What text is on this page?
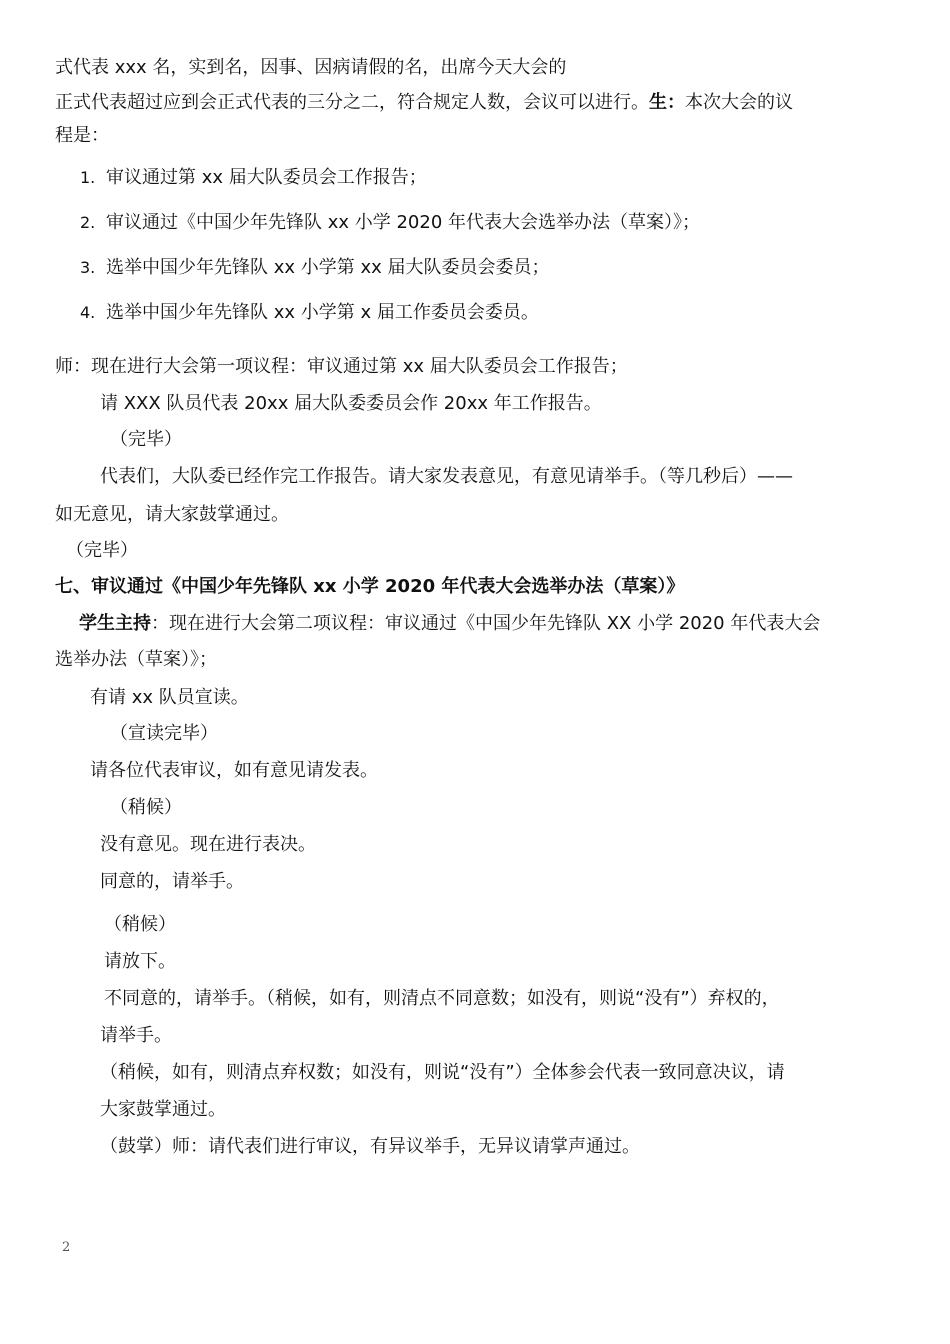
式代表 xxx 名，实到名，因事、因病请假的名，出席今天大会的
正式代表超过应到会正式代表的三分之二，符合规定人数，会议可以进行。生：本次大会的议
程是：
1. 审议通过第 xx 届大队委员会工作报告；
2. 审议通过《中国少年先锋队 xx 小学 2020 年代表大会选举办法（草案）》；
3. 选举中国少年先锋队 xx 小学第 xx 届大队委员会委员；
4. 选举中国少年先锋队 xx 小学第 x 届工作委员会委员。
师：现在进行大会第一项议程：审议通过第 xx 届大队委员会工作报告；
请 XXX 队员代表 20xx 届大队委委员会作 20xx 年工作报告。
（完毕）
代表们，大队委已经作完工作报告。请大家发表意见，有意见请举手。（等几秒后）——
如无意见，请大家鼓掌通过。
（完毕）
七、审议通过《中国少年先锋队 xx 小学 2020 年代表大会选举办法（草案）》
学生主持：现在进行大会第二项议程：审议通过《中国少年先锋队 XX 小学 2020 年代表大会
选举办法（草案）》；
有请 xx 队员宣读。
（宣读完毕）
请各位代表审议，如有意见请发表。
（稍候）
没有意见。现在进行表决。
同意的，请举手。
（稍候）
请放下。
不同意的，请举手。（稍候，如有，则清点不同意数；如没有，则说“没有”）弃权的，
请举手。
（稍候，如有，则清点弃权数；如没有，则说“没有”）全体参会代表一致同意决议，请
大家鼓掌通过。
（鼓掌）师：请代表们进行审议，有异议举手，无异议请掌声通过。
2
